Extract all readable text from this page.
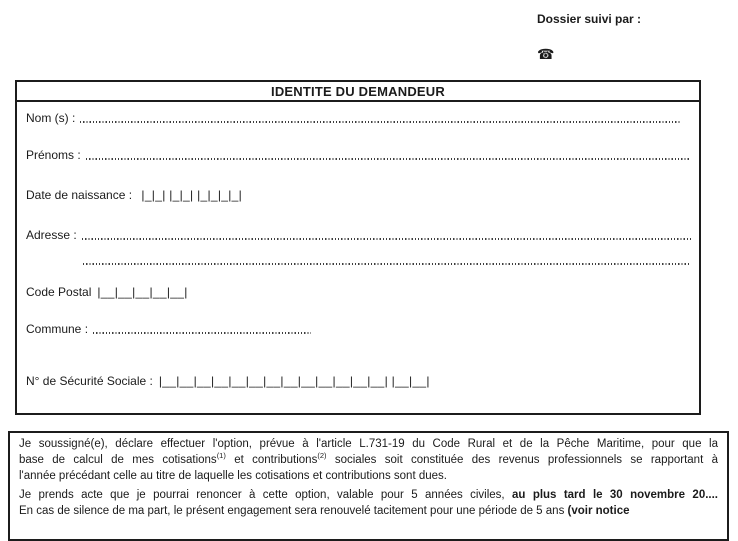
Dossier suivi par :
☎
IDENTITE DU DEMANDEUR
Nom (s) :
Prénoms :
Date de naissance : |_|_| |_|_| |_|_|_|_|
Adresse :
Code Postal |__|__|__|__|__|
Commune :
N° de Sécurité Sociale : |__|__|__|__|__|__|__|__|__|__|__|__|__| |__|__|
Je soussigné(e), déclare effectuer l'option, prévue à l'article L.731-19 du Code Rural et de la Pêche Maritime, pour que la
base de calcul de mes cotisations$^{(1)}$ et contributions$^{(2)}$ sociales soit constituée des revenus professionnels se rapportant à
l'année précédant celle au titre de laquelle les cotisations et contributions sont dues.
Je prends acte que je pourrai renoncer à cette option, valable pour 5 années civiles, au plus tard le 30 novembre 20....
En cas de silence de ma part, le présent engagement sera renouvelé tacitement pour une période de 5 ans (voir notice
